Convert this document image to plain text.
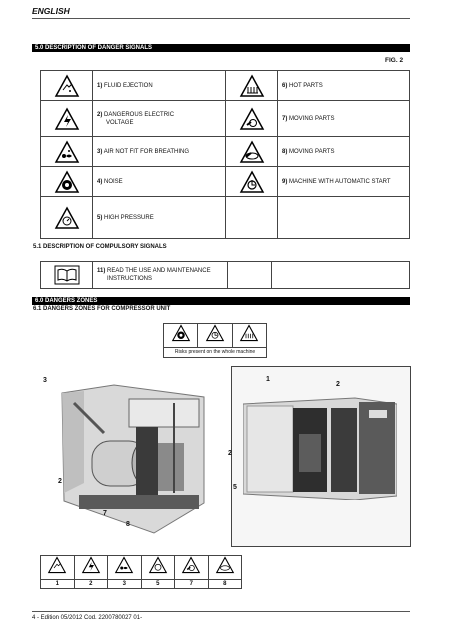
ENGLISH
5.0 DESCRIPTION OF DANGER SIGNALS
FIG. 2
	1) FLUID EJECTION		6) HOT PARTS
	2) DANGEROUS ELECTRIC
VOLTAGE		7) MOVING PARTS
	3) AIR NOT FIT FOR BREATHING		8) MOVING PARTS
	4) NOISE		9) MACHINE WITH AUTOMATIC START
	5) HIGH PRESSURE		
5.1 DESCRIPTION OF COMPULSORY SIGNALS
	11) READ THE USE AND MAINTENANCE
INSTRUCTIONS		
6.0 DANGERS ZONES
6.1 DANGERS ZONES FOR COMPRESSOR UNIT

Risks present on the whole machine
3
2
7
8
1
2
2
5

1	2	3	5	7	8
4 - Edition 05/2012 Cod. 2200780027 01-
